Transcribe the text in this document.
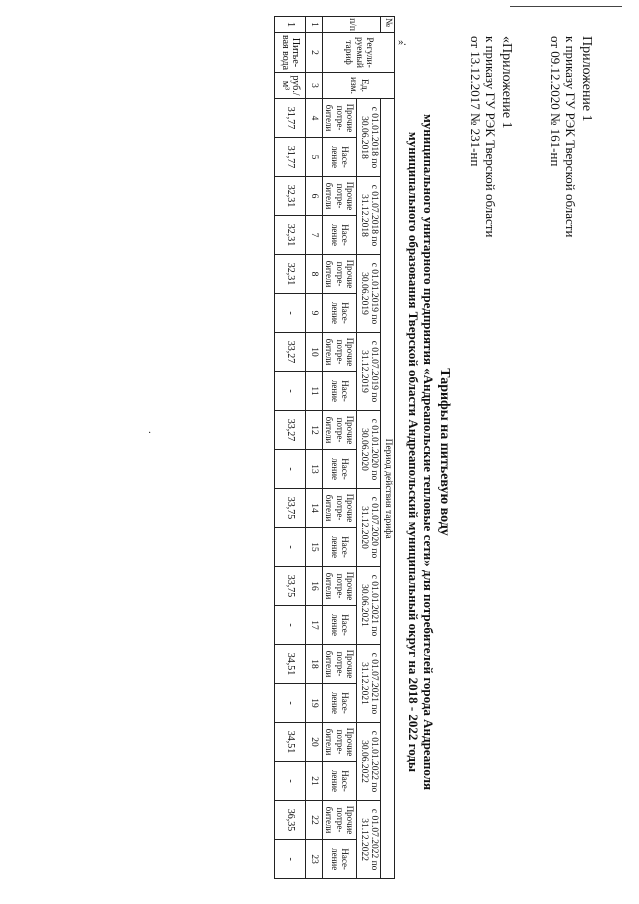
».
·
Приложение 1
к приказу ГУ РЭК Тверской области
от 09.12.2020 № 161-нп
«Приложение 1
к приказу ГУ РЭК Тверской области
от 13.12.2017 № 231-нп
Тарифы на питьевую воду
муниципального унитарного предприятия «Андреапольские тепловые сети» для потребителей города Андреаполя
муниципального образования Тверской области Андреапольский муниципальный округ на 2018 - 2022 годы
№	Регули-руемый тариф	Ед. изм.	Период действия тарифа																			
п/п			с 01.01.2018 по 30.06.2018		с 01.07.2018 по 31.12.2018		с 01.01.2019 по 30.06.2019		с 01.07.2019 по 31.12.2019		с 01.01.2020 по 30.06.2020		с 01.07.2020 по 31.12.2020		с 01.01.2021 по 30.06.2021		с 01.07.2021 по 31.12.2021		с 01.01.2022 по 30.06.2022		с 01.07.2022 по 31.12.2022	
			Прочие потре-бители	Насе-ление	Прочие потре-бители	Насе-ление	Прочие потре-бители	Насе-ление	Прочие потре-бители	Насе-ление	Прочие потре-бители	Насе-ление	Прочие потре-бители	Насе-ление	Прочие потре-бители	Насе-ление	Прочие потре-бители	Насе-ление	Прочие потре-бители	Насе-ление	Прочие потре-бители	Насе-ление
1	2	3	4	5	6	7	8	9	10	11	12	13	14	15	16	17	18	19	20	21	22	23
1	Питье-вая вода	руб./м³	31,77	31,77	32,31	32,31	32,31	-	33,27	-	33,27	-	33,75	-	33,75	-	34,51	-	34,51	-	36,35	-
